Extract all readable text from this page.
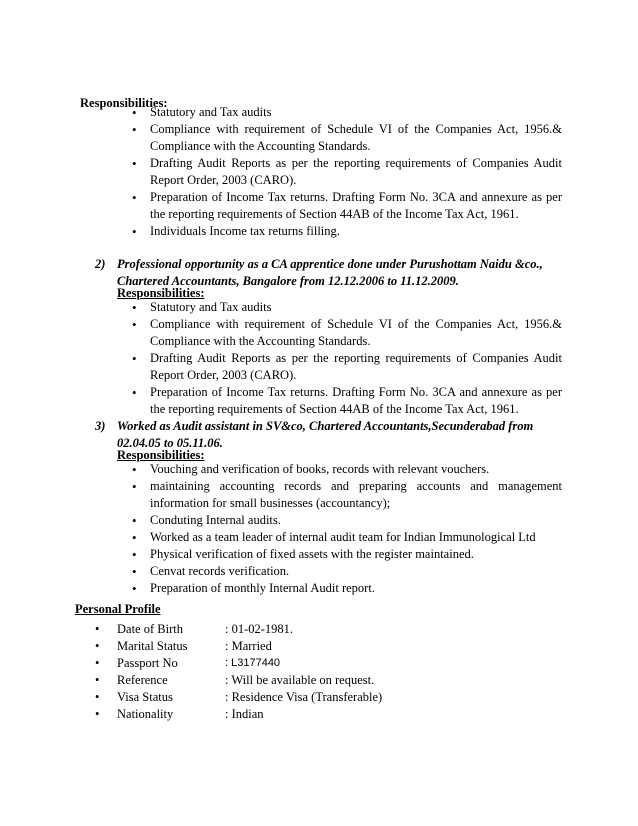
Responsibilities:
• Statutory and Tax audits
• Compliance with requirement of Schedule VI of the Companies Act, 1956.& Compliance with the Accounting Standards.
• Drafting Audit Reports as per the reporting requirements of Companies Audit Report Order, 2003 (CARO).
• Preparation of Income Tax returns. Drafting Form No. 3CA and annexure as per the reporting requirements of Section 44AB of the Income Tax Act, 1961.
• Individuals Income tax returns filling.
2) Professional opportunity as a CA apprentice done under Purushottam Naidu &co., Chartered Accountants, Bangalore from 12.12.2006 to 11.12.2009.
Responsibilities:
• Statutory and Tax audits
• Compliance with requirement of Schedule VI of the Companies Act, 1956.& Compliance with the Accounting Standards.
• Drafting Audit Reports as per the reporting requirements of Companies Audit Report Order, 2003 (CARO).
• Preparation of Income Tax returns. Drafting Form No. 3CA and annexure as per the reporting requirements of Section 44AB of the Income Tax Act, 1961.
3) Worked as Audit assistant in SV&co, Chartered Accountants,Secunderabad from 02.04.05 to 05.11.06.
Responsibilities:
• Vouching and verification of books, records with relevant vouchers.
• maintaining accounting records and preparing accounts and management information for small businesses (accountancy);
• Conduting Internal audits.
• Worked as a team leader of internal audit team for Indian Immunological Ltd
• Physical verification of fixed assets with the register maintained.
• Cenvat records verification.
• Preparation of monthly Internal Audit report.
Personal Profile
• Date of Birth	: 01-02-1981.
• Marital Status	: Married
• Passport No	: L3177440
• Reference	: Will be available on request.
• Visa Status	: Residence Visa (Transferable)
• Nationality	: Indian
